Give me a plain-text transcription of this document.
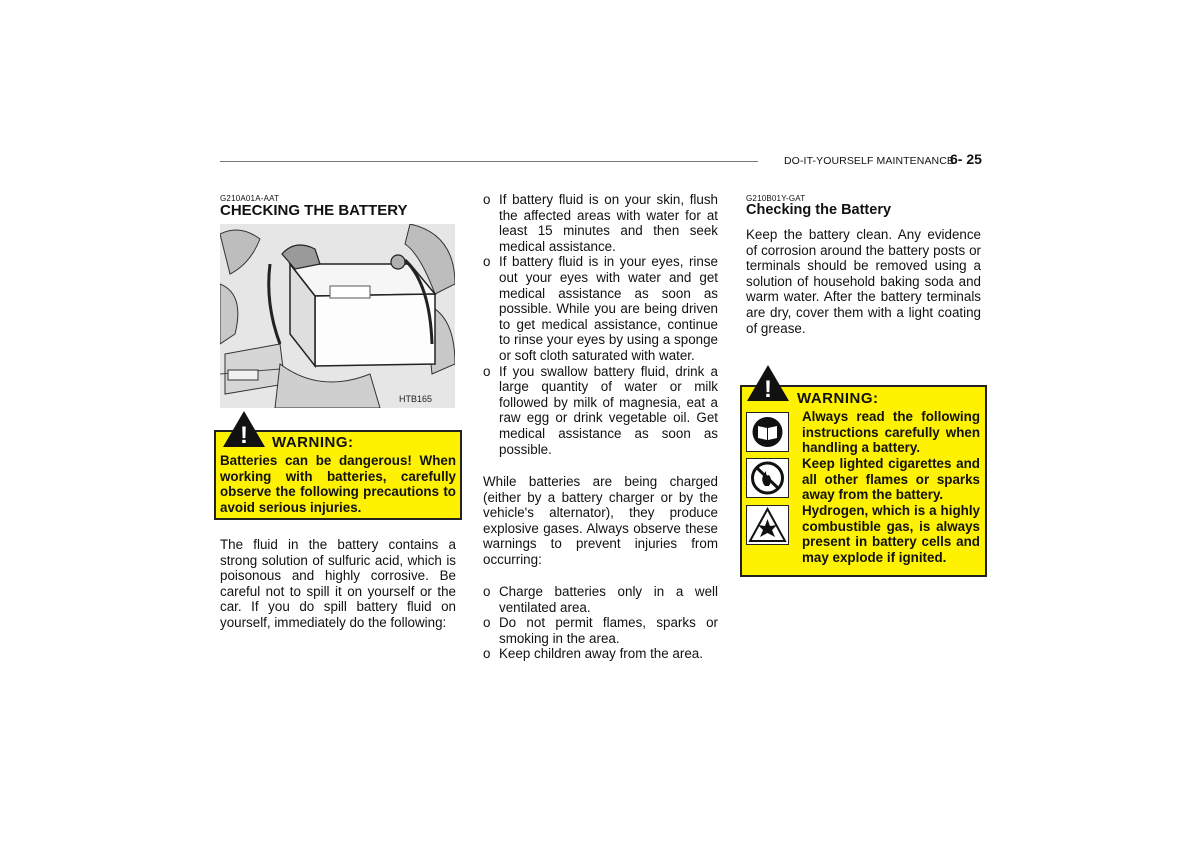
DO-IT-YOURSELF MAINTENANCE
6- 25
G210A01A-AAT
CHECKING THE BATTERY
HTB165
! WARNING:
Batteries can be dangerous! When working with batteries, carefully observe the following precautions to avoid serious injuries.
The fluid in the battery contains a strong solution of sulfuric acid, which is poisonous and highly corrosive. Be careful not to spill it on yourself or the car. If you do spill battery fluid on yourself, immediately do the following:
o If battery fluid is on your skin, flush the affected areas with water for at least 15 minutes and then seek medical assistance.
o If battery fluid is in your eyes, rinse out your eyes with water and get medical assistance as soon as possible. While you are being driven to get medical assistance, continue to rinse your eyes by using a sponge or soft cloth saturated with water.
o If you swallow battery fluid, drink a large quantity of water or milk followed by milk of magnesia, eat a raw egg or drink vegetable oil. Get medical assistance as soon as possible.
While batteries are being charged (either by a battery charger or by the vehicle's alternator), they produce explosive gases. Always observe these warnings to prevent injuries from occurring:
o Charge batteries only in a well ventilated area.
o Do not permit flames, sparks or smoking in the area.
o Keep children away from the area.
G210B01Y-GAT
Checking the Battery
Keep the battery clean. Any evidence of corrosion around the battery posts or terminals should be removed using a solution of household baking soda and warm water. After the battery terminals are dry, cover them with a light coating of grease.
! WARNING:
Always read the following instructions carefully when handling a battery.
Keep lighted cigarettes and all other flames or sparks away from the battery.
Hydrogen, which is a highly combustible gas, is always present in battery cells and may explode if ignited.
